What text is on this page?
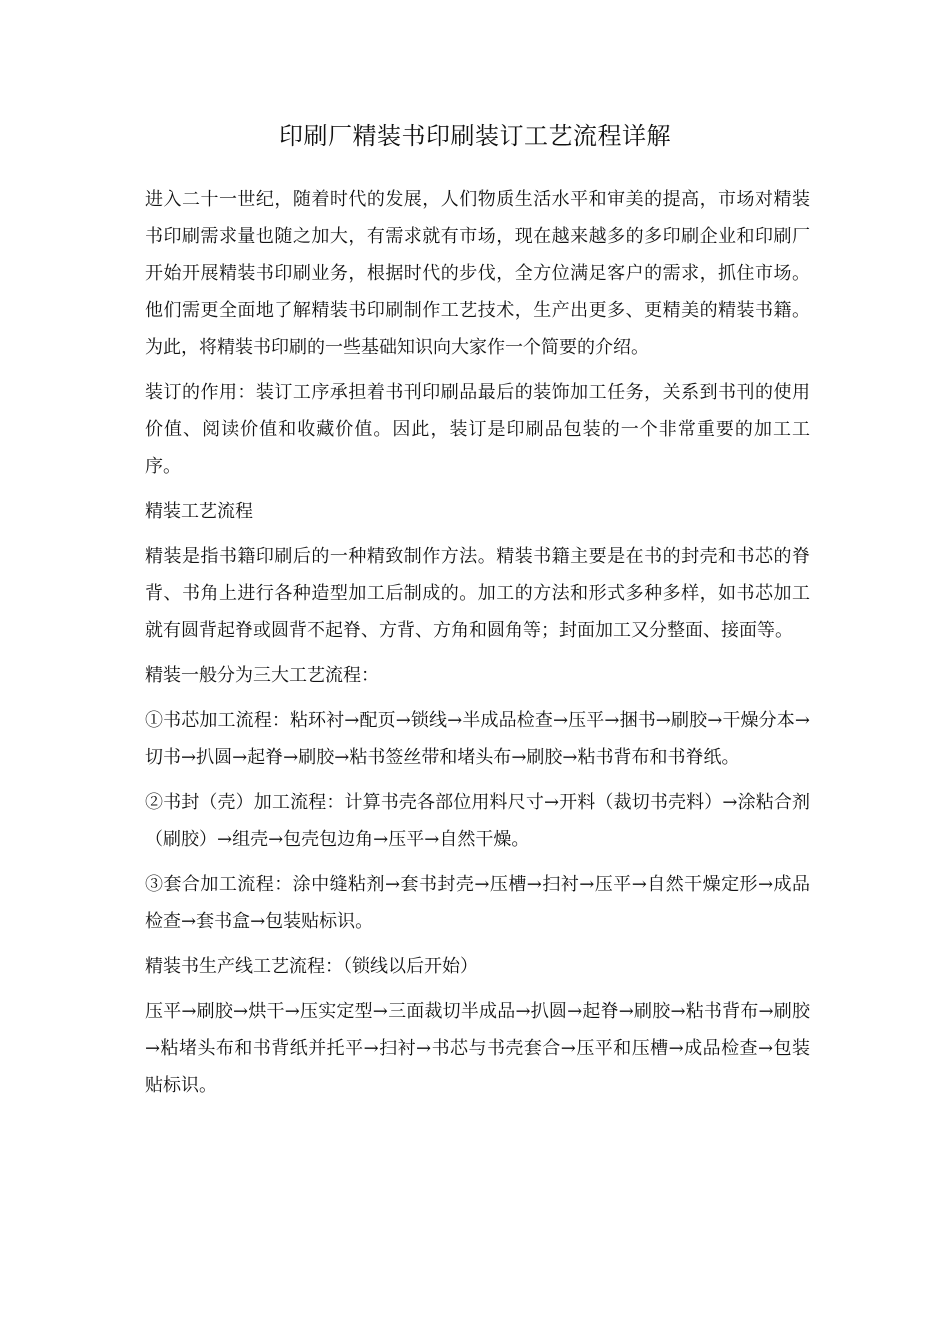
印刷厂精装书印刷装订工艺流程详解

进入二十一世纪，随着时代的发展，人们物质生活水平和审美的提高，市场对精装书印刷需求量也随之加大，有需求就有市场，现在越来越多的多印刷企业和印刷厂开始开展精装书印刷业务，根据时代的步伐，全方位满足客户的需求，抓住市场。他们需更全面地了解精装书印刷制作工艺技术，生产出更多、更精美的精装书籍。为此，将精装书印刷的一些基础知识向大家作一个简要的介绍。

装订的作用：装订工序承担着书刊印刷品最后的装饰加工任务，关系到书刊的使用价值、阅读价值和收藏价值。因此，装订是印刷品包装的一个非常重要的加工工序。

精装工艺流程

精装是指书籍印刷后的一种精致制作方法。精装书籍主要是在书的封壳和书芯的脊背、书角上进行各种造型加工后制成的。加工的方法和形式多种多样，如书芯加工就有圆背起脊或圆背不起脊、方背、方角和圆角等；封面加工又分整面、接面等。

精装一般分为三大工艺流程：

①书芯加工流程：粘环衬→配页→锁线→半成品检查→压平→捆书→刷胶→干燥分本→切书→扒圆→起脊→刷胶→粘书签丝带和堵头布→刷胶→粘书背布和书脊纸。

②书封（壳）加工流程：计算书壳各部位用料尺寸→开料（裁切书壳料）→涂粘合剂（刷胶）→组壳→包壳包边角→压平→自然干燥。

③套合加工流程：涂中缝粘剂→套书封壳→压槽→扫衬→压平→自然干燥定形→成品检查→套书盒→包装贴标识。

精装书生产线工艺流程：（锁线以后开始）

压平→刷胶→烘干→压实定型→三面裁切半成品→扒圆→起脊→刷胶→粘书背布→刷胶→粘堵头布和书背纸并托平→扫衬→书芯与书壳套合→压平和压槽→成品检查→包装贴标识。
